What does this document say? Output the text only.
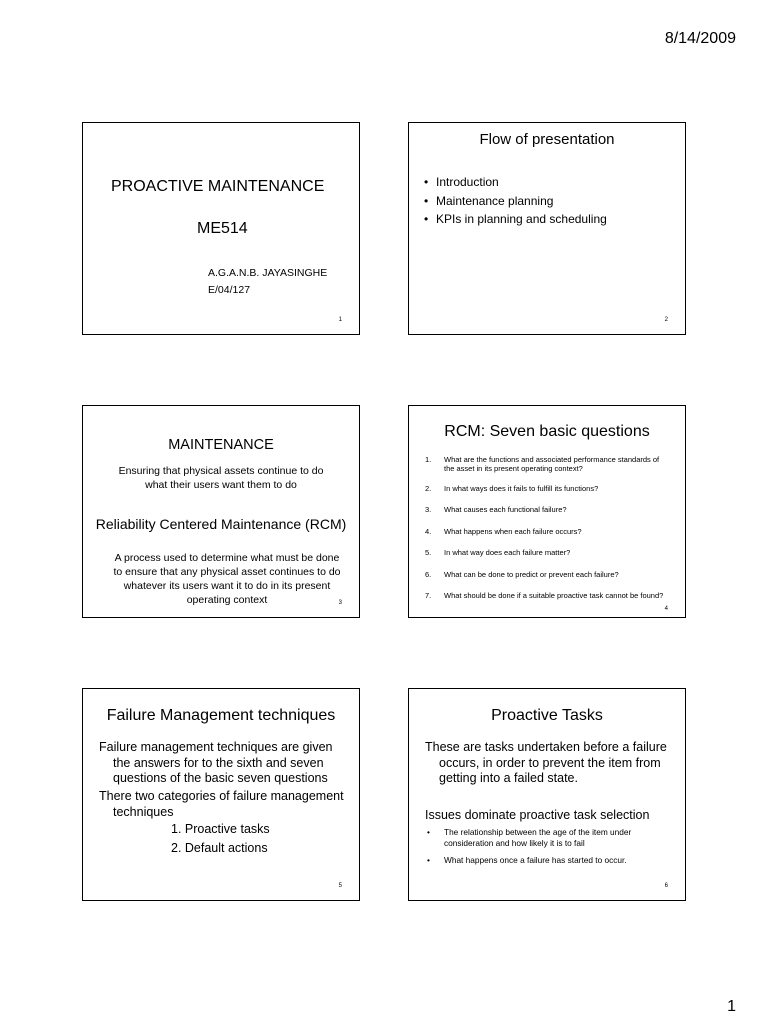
8/14/2009
PROACTIVE MAINTENANCE
ME514
A.G.A.N.B. JAYASINGHE
E/04/127
1
Flow of presentation
• Introduction
• Maintenance planning
• KPIs in planning and scheduling
2
MAINTENANCE
Ensuring that physical assets continue to do what their users want them to do
Reliability Centered Maintenance (RCM)
A process used to determine what must be done to ensure that any physical asset continues to do whatever its users want it to do in its present operating context	3
RCM: Seven basic questions
1.	What are the functions and associated performance standards of the asset in its present operating context?
2.	In what ways does it fails to fulfill its functions?
3.	What causes each functional failure?
4.	What happens when each failure occurs?
5.	In what way does each failure matter?
6.	What can be done to predict or prevent each failure?
7.	What should be done if a suitable proactive task cannot be found?
4
Failure Management techniques
Failure management techniques are given the answers for to the sixth and seven questions of the basic seven questions
There two categories of failure management techniques
1. Proactive tasks
2. Default actions
5
Proactive Tasks
These are tasks undertaken before a failure occurs, in order to prevent the item from getting into a failed state.
Issues dominate proactive task selection
• The relationship between the age of the item under consideration and how likely it is to fail
• What happens once a failure has started to occur.
6
1
